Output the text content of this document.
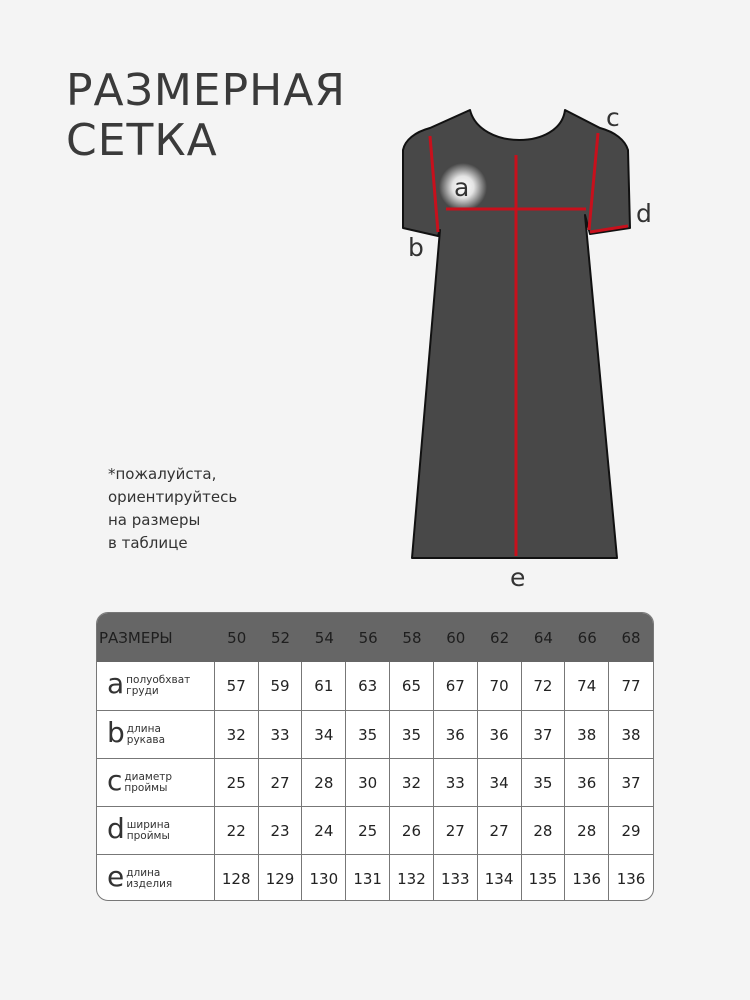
РАЗМЕРНАЯ
СЕТКА
a
b
c
d
e
*пожалуйста,
ориентируйтесь
на размеры
в таблице
РАЗМЕРЫ	50	52	54	56	58	60	62	64	66	68
a полуобхват
груди	57	59	61	63	65	67	70	72	74	77
b длина
рукава	32	33	34	35	35	36	36	37	38	38
c диаметр
проймы	25	27	28	30	32	33	34	35	36	37
d ширина
проймы	22	23	24	25	26	27	27	28	28	29
e длина
изделия	128	129	130	131	132	133	134	135	136	136
